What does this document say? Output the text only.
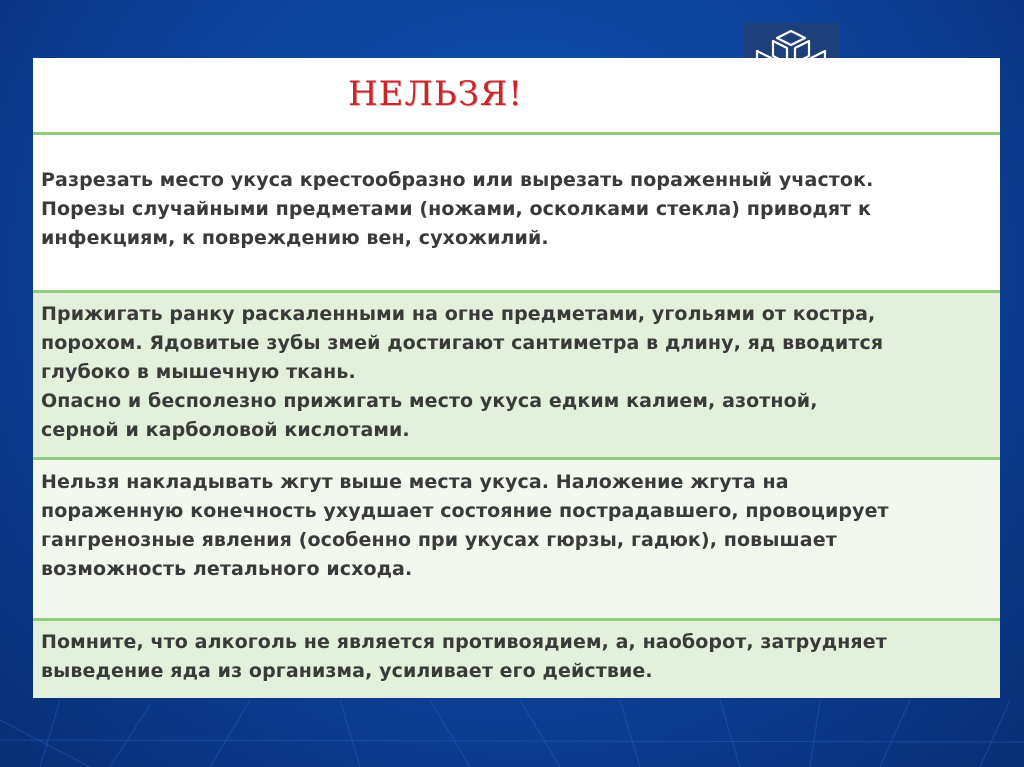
НЕЛЬЗЯ!

Разрезать место укуса крестообразно или вырезать пораженный участок.

Порезы случайными предметами (ножами, осколками стекла) приводят к

инфекциям, к повреждению вен, сухожилий.

Прижигать ранку раскаленными на огне предметами, угольями от костра,

порохом. Ядовитые зубы змей достигают сантиметра в длину, яд вводится

глубоко в мышечную ткань.

Опасно и бесполезно прижигать место укуса едким калием, азотной,

серной и карболовой кислотами.

Нельзя накладывать жгут выше места укуса. Наложение жгута на

пораженную конечность ухудшает состояние пострадавшего, провоцирует

гангренозные явления (особенно при укусах гюрзы, гадюк), повышает

возможность летального исхода.

Помните, что алкоголь не является противоядием, а, наоборот, затрудняет

выведение яда из организма, усиливает его действие.
